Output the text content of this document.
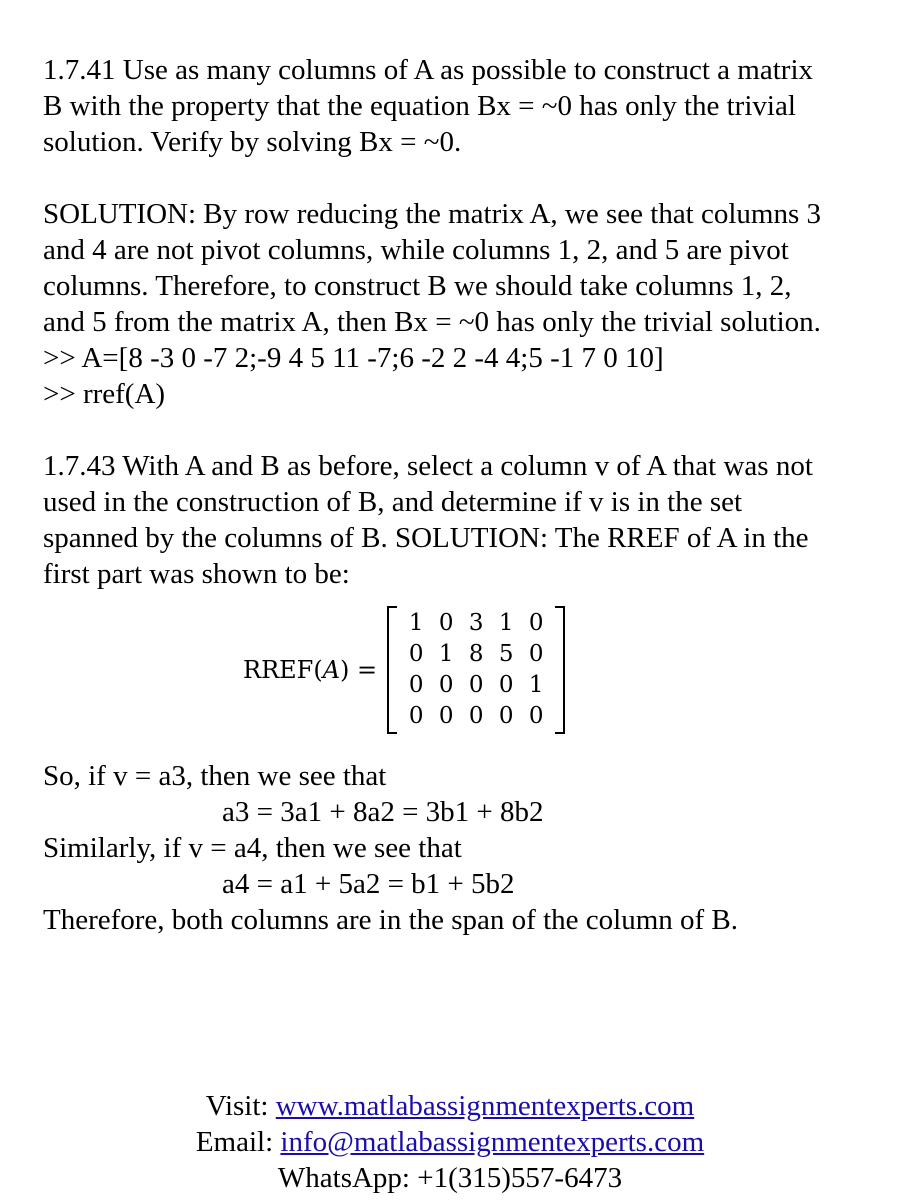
1.7.41 Use as many columns of A as possible to construct a matrix
B with the property that the equation Bx = ~0 has only the trivial
solution. Verify by solving Bx = ~0.
SOLUTION: By row reducing the matrix A, we see that columns 3
and 4 are not pivot columns, while columns 1, 2, and 5 are pivot
columns. Therefore, to construct B we should take columns 1, 2,
and 5 from the matrix A, then Bx = ~0 has only the trivial solution.
>> A=[8 -3 0 -7 2;-9 4 5 11 -7;6 -2 2 -4 4;5 -1 7 0 10]
>> rref(A)
1.7.43 With A and B as before, select a column v of A that was not
used in the construction of B, and determine if v is in the set
spanned by the columns of B. SOLUTION: The RREF of A in the
first part was shown to be:
RREF(A) =
1 0 3 1 0
0 1 8 5 0
0 0 0 0 1
0 0 0 0 0
So, if v = a3, then we see that
a3 = 3a1 + 8a2 = 3b1 + 8b2
Similarly, if v = a4, then we see that
a4 = a1 + 5a2 = b1 + 5b2
Therefore, both columns are in the span of the column of B.
Visit: www.matlabassignmentexperts.com
Email: info@matlabassignmentexperts.com
WhatsApp: +1(315)557-6473
